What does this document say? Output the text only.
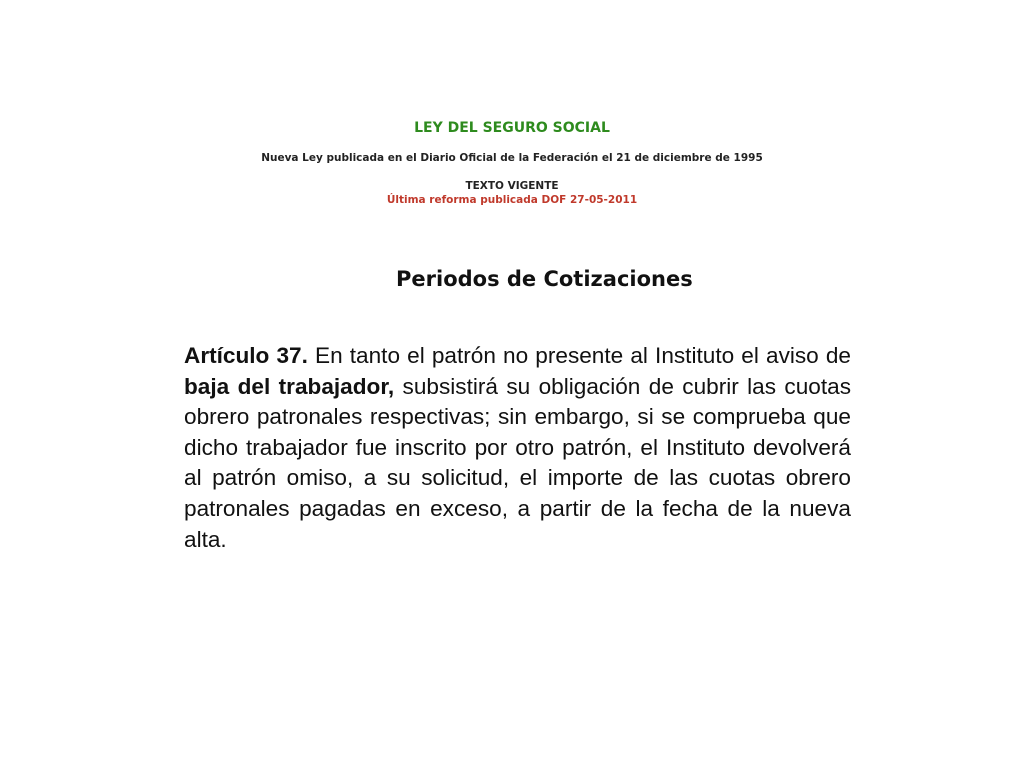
LEY DEL SEGURO SOCIAL

Nueva Ley publicada en el Diario Oficial de la Federación el 21 de diciembre de 1995

TEXTO VIGENTE

Última reforma publicada DOF 27-05-2011

Periodos de Cotizaciones

Artículo 37. En tanto el patrón no presente al Instituto el aviso de baja del trabajador, subsistirá su obligación de cubrir las cuotas obrero patronales respectivas; sin embargo, si se comprueba que dicho trabajador fue inscrito por otro patrón, el Instituto devolverá al patrón omiso, a su solicitud, el importe de las cuotas obrero patronales pagadas en exceso, a partir de la fecha de la nueva alta.
